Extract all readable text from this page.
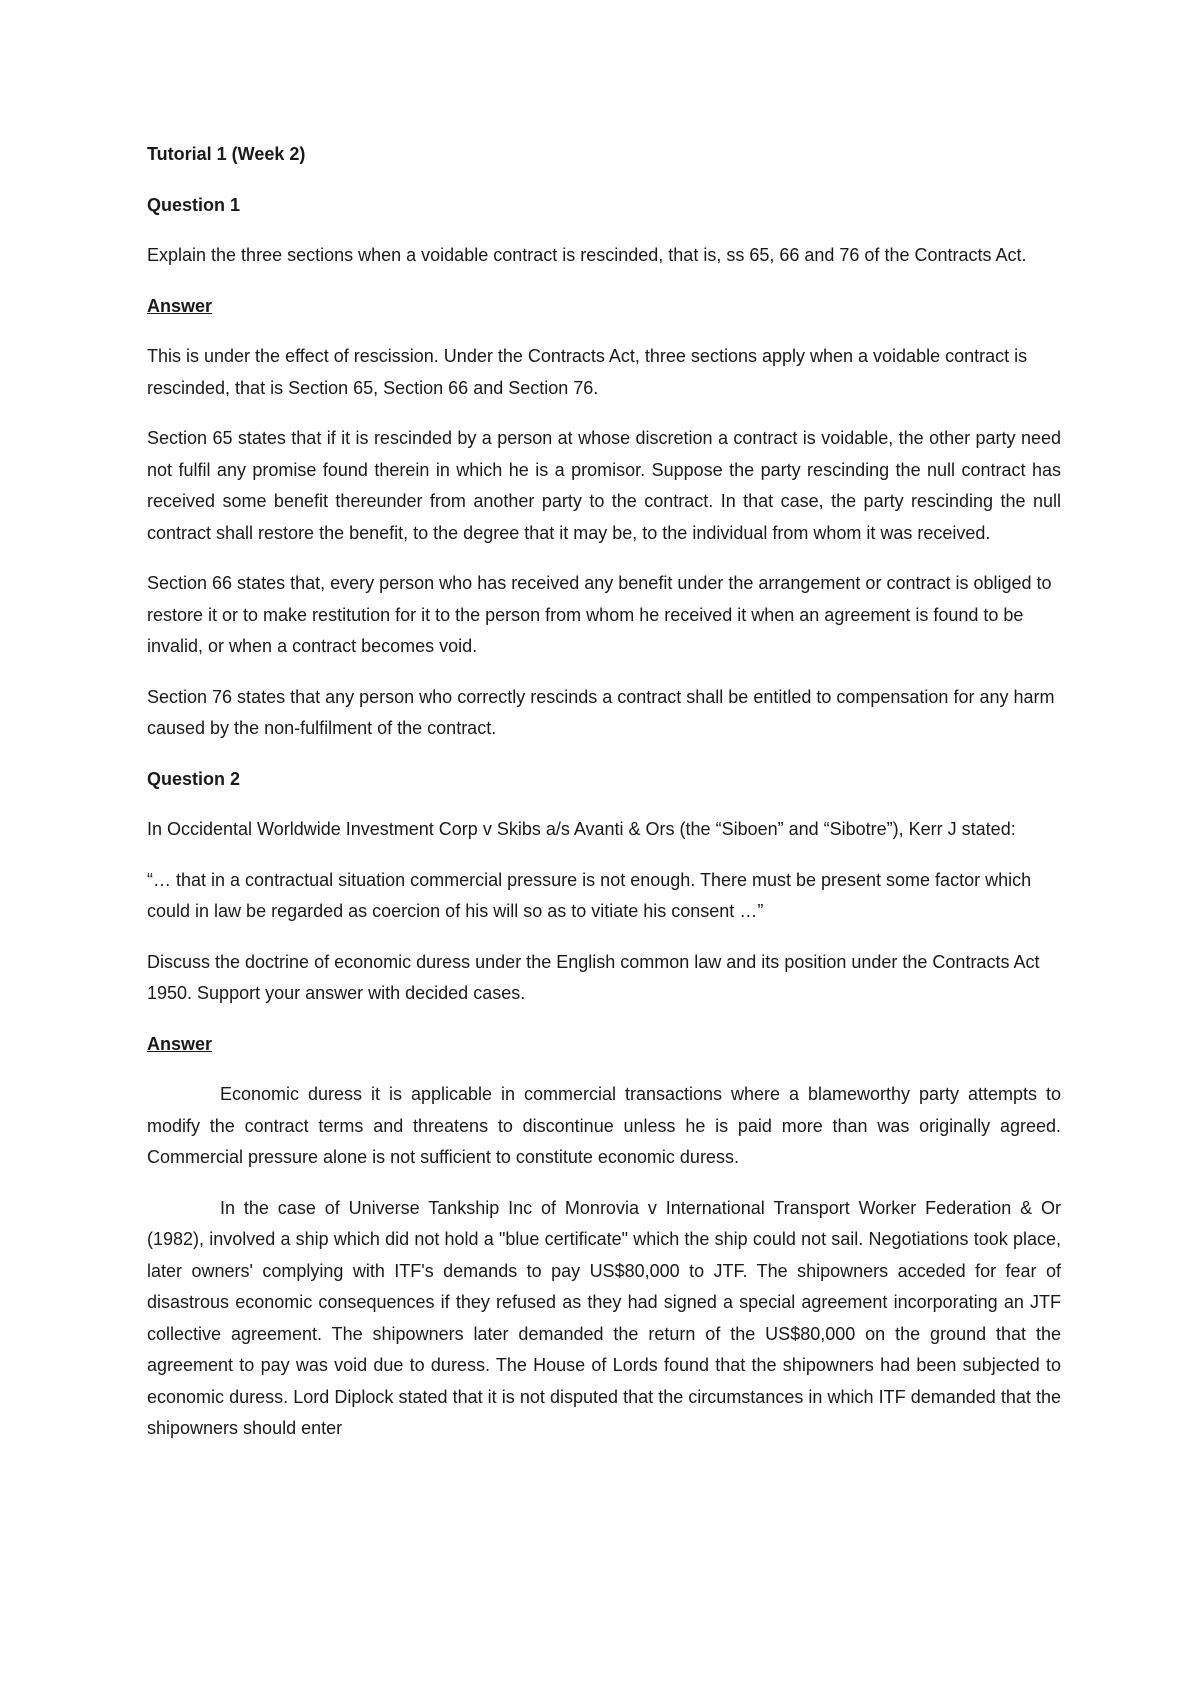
Tutorial 1 (Week 2)

Question 1

Explain the three sections when a voidable contract is rescinded, that is, ss 65, 66 and 76 of the Contracts Act.

Answer

This is under the effect of rescission. Under the Contracts Act, three sections apply when a voidable contract is rescinded, that is Section 65, Section 66 and Section 76.

Section 65 states that if it is rescinded by a person at whose discretion a contract is voidable, the other party need not fulfil any promise found therein in which he is a promisor. Suppose the party rescinding the null contract has received some benefit thereunder from another party to the contract. In that case, the party rescinding the null contract shall restore the benefit, to the degree that it may be, to the individual from whom it was received.

Section 66 states that, every person who has received any benefit under the arrangement or contract is obliged to restore it or to make restitution for it to the person from whom he received it when an agreement is found to be invalid, or when a contract becomes void.

Section 76 states that any person who correctly rescinds a contract shall be entitled to compensation for any harm caused by the non-fulfilment of the contract.

Question 2

In Occidental Worldwide Investment Corp v Skibs a/s Avanti & Ors (the “Siboen” and “Sibotre”), Kerr J stated:

“… that in a contractual situation commercial pressure is not enough. There must be present some factor which could in law be regarded as coercion of his will so as to vitiate his consent …”

Discuss the doctrine of economic duress under the English common law and its position under the Contracts Act 1950. Support your answer with decided cases.

Answer

Economic duress it is applicable in commercial transactions where a blameworthy party attempts to modify the contract terms and threatens to discontinue unless he is paid more than was originally agreed. Commercial pressure alone is not sufficient to constitute economic duress.

In the case of Universe Tankship Inc of Monrovia v International Transport Worker Federation & Or (1982), involved a ship which did not hold a "blue certificate" which the ship could not sail. Negotiations took place, later owners' complying with ITF's demands to pay US$80,000 to JTF. The shipowners acceded for fear of disastrous economic consequences if they refused as they had signed a special agreement incorporating an JTF collective agreement. The shipowners later demanded the return of the US$80,000 on the ground that the agreement to pay was void due to duress. The House of Lords found that the shipowners had been subjected to economic duress. Lord Diplock stated that it is not disputed that the circumstances in which ITF demanded that the shipowners should enter
